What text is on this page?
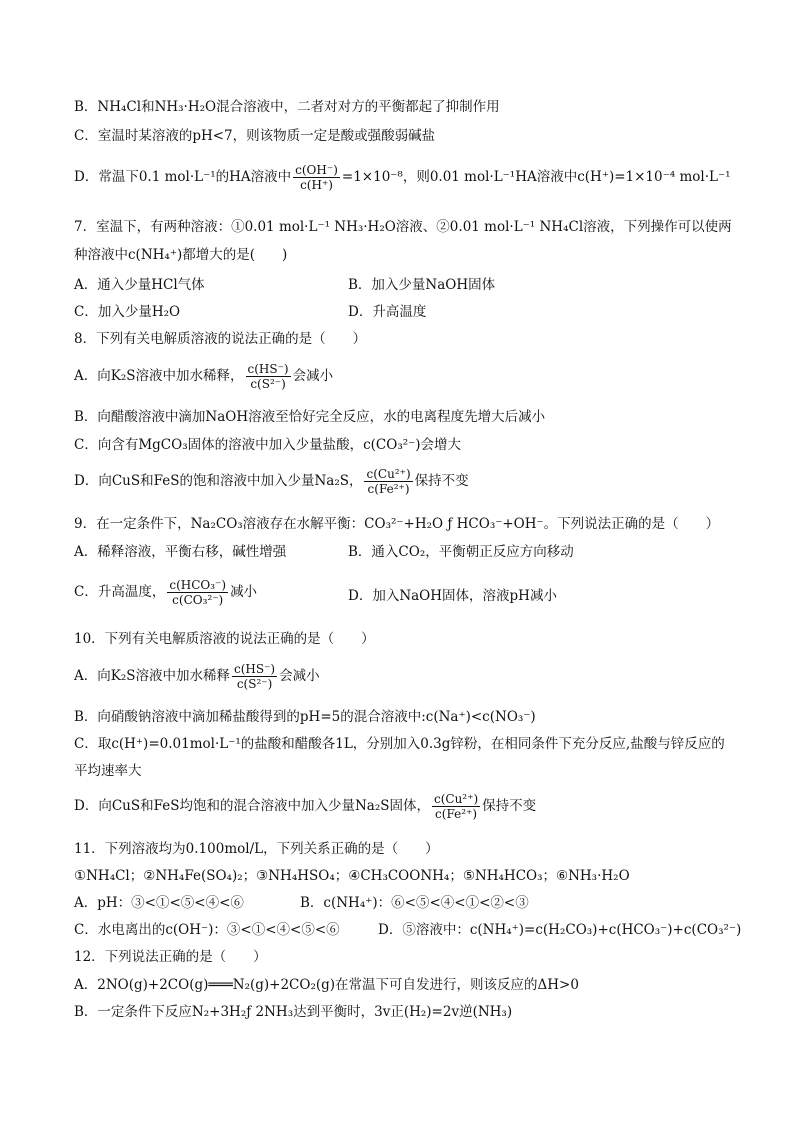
B．NH₄Cl和NH₃·H₂O混合溶液中，二者对对方的平衡都起了抑制作用
C．室温时某溶液的pH<7，则该物质一定是酸或强酸弱碱盐
D．常温下0.1 mol·L⁻¹的HA溶液中 $\frac{c(OH^-)}{c(H^+)} =1\times 10^{-8}$，则0.01 mol·L⁻¹HA溶液中c(H⁺)=1×10⁻⁴ mol·L⁻¹
7．室温下，有两种溶液：①0.01 mol·L⁻¹ NH₃·H₂O溶液、②0.01 mol·L⁻¹ NH₄Cl溶液，下列操作可以使两
种溶液中c(NH₄⁺)都增大的是(　　)
A．通入少量HCl气体	B．加入少量NaOH固体
C．加入少量H₂O	D．升高温度
8．下列有关电解质溶液的说法正确的是（　　）
A．向K₂S溶液中加水稀释， $\frac{c(HS^-)}{\text{c(S²⁻)}}$ 会减小
B．向醋酸溶液中滴加NaOH溶液至恰好完全反应，水的电离程度先增大后减小
C．向含有MgCO₃固体的溶液中加入少量盐酸，c(CO₃²⁻)会增大
D．向CuS和FeS的饱和溶液中加入少量Na₂S， $\frac{\text{c(Cu²⁺)}}{\text{c(Fe²⁺)}}$ 保持不变
9．在一定条件下，Na₂CO₃溶液存在水解平衡：CO₃²⁻+H₂O ƒ HCO₃⁻+OH⁻。下列说法正确的是（　　）
A．稀释溶液，平衡右移，碱性增强	B．通入CO₂，平衡朝正反应方向移动
C．升高温度， $\frac{\text{c(HCO₃⁻)}}{\text{c(CO₃²⁻)}}$ 减小	D．加入NaOH固体，溶液pH减小
10．下列有关电解质溶液的说法正确的是（　　）
A．向K₂S溶液中加水稀释 $\frac{c(HS^-)}{\text{c(S²⁻)}}$ 会减小
B．向硝酸钠溶液中滴加稀盐酸得到的pH=5的混合溶液中:c(Na⁺)<c(NO₃⁻)
C．取c(H⁺)=0.01mol·L⁻¹的盐酸和醋酸各1L，分别加入0.3g锌粉，在相同条件下充分反应,盐酸与锌反应的
平均速率大
D．向CuS和FeS均饱和的混合溶液中加入少量Na₂S固体， $\frac{\text{c(Cu²⁺)}}{\text{c(Fe²⁺)}}$ 保持不变
11．下列溶液均为0.100mol/L，下列关系正确的是（　　）
①NH₄Cl；②NH₄Fe(SO₄)₂；③NH₄HSO₄；④CH₃COONH₄；⑤NH₄HCO₃；⑥NH₃·H₂O
A．pH：③<①<⑤<④<⑥	B．c(NH₄⁺)：⑥<⑤<④<①<②<③
C．水电离出的c(OH⁻)：③<①<④<⑤<⑥	D．⑤溶液中：c(NH₄⁺)=c(H₂CO₃)+c(HCO₃⁻)+c(CO₃²⁻)
12．下列说法正确的是（　　）
A．2NO(g)+2CO(g)═══N₂(g)+2CO₂(g)在常温下可自发进行，则该反应的ΔH>0
B．一定条件下反应N₂+3H₂ƒ 2NH₃达到平衡时，3v正(H₂)=2v逆(NH₃)
